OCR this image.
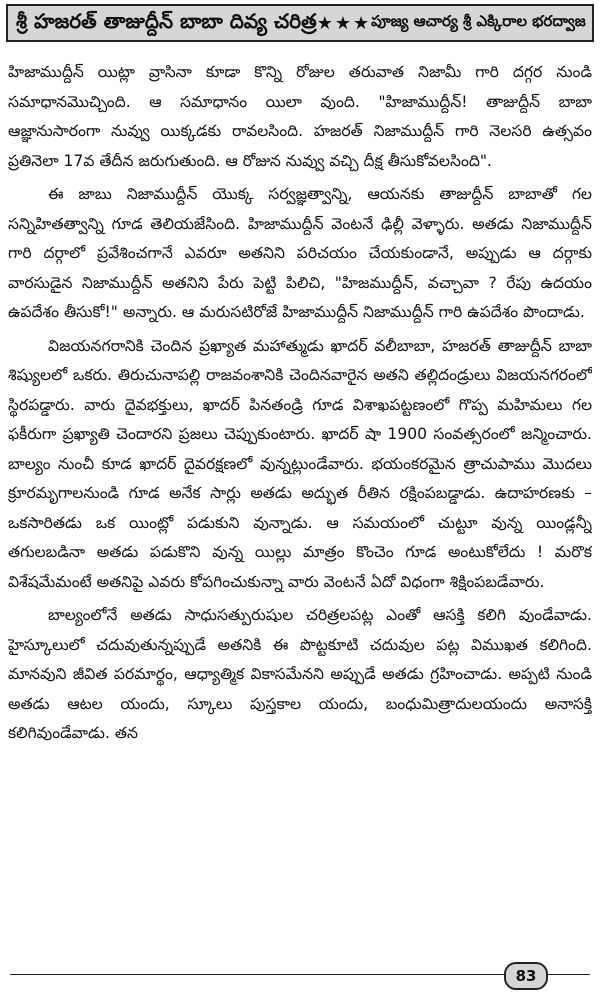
శ్రీ హజరత్ తాజుద్దీన్ బాబా దివ్య చరిత్ర ★★★ పూజ్య ఆచార్య శ్రీ ఎక్కిరాల భరద్వాజ

హిజాముద్దీన్ యిట్లా వ్రాసినా కూడా కొన్ని రోజుల తరువాత నిజామీ గారి దగ్గర నుండి సమాధానమొచ్చింది. ఆ సమాధానం యిలా వుంది. "హిజాముద్దీన్! తాజుద్దీన్ బాబా ఆజ్ఞానుసారంగా నువ్వు యిక్కడకు రావలసింది. హజరత్ నిజాముద్దీన్ గారి నెలసరి ఉత్సవం ప్రతినెలా 17వ తేదీన జరుగుతుంది. ఆ రోజున నువ్వు వచ్చి దీక్ష తీసుకోవలసింది".

ఈ జాబు నిజాముద్దీన్ యొక్క సర్వజ్ఞత్వాన్ని, ఆయనకు తాజుద్దీన్ బాబాతో గల సన్నిహితత్వాన్ని గూడ తెలియజేసింది. హిజాముద్దీన్ వెంటనే ఢిల్లీ వెళ్ళారు. అతడు నిజాముద్దీన్ గారి దర్గాలో ప్రవేశించగానే ఎవరూ అతనిని పరిచయం చేయకుండానే, అప్పుడు ఆ దర్గాకు వారసుడైన నిజాముద్దీన్ అతనిని పేరు పెట్టి పిలిచి, "హిజముద్దీన్, వచ్చావా ? రేపు ఉదయం ఉపదేశం తీసుకో!" అన్నారు. ఆ మరుసటిరోజే హిజాముద్దీన్ నిజాముద్దీన్ గారి ఉపదేశం పొందాడు.

విజయనగరానికి చెందిన ప్రఖ్యాత మహాత్ముడు ఖాదర్ వలీబాబా, హజరత్ తాజుద్దీన్ బాబా శిష్యులలో ఒకరు. తిరుచునాపల్లి రాజవంశానికి చెందినవారైన అతని తల్లిదండ్రులు విజయనగరంలో స్థిరపడ్డారు. వారు దైవభక్తులు, ఖాదర్ పినతండ్రి గూడ విశాఖపట్టణంలో గొప్ప మహిమలు గల ఫకీరుగా ప్రఖ్యాతి చెందారని ప్రజలు చెప్పుకుంటారు. ఖాదర్ షా 1900 సంవత్సరంలో జన్మించారు. బాల్యం నుంచీ కూడ ఖాదర్ దైవరక్షణలో వున్నట్లుండేవారు. భయంకరమైన త్రాచుపాము మొదలు క్రూరమృగాలనుండి గూడ అనేక సార్లు అతడు అద్భుత రీతిన రక్షింపబడ్డాడు. ఉదాహరణకు – ఒకసారితడు ఒక యింట్లో పడుకుని వున్నాడు. ఆ సమయంలో చుట్టూ వున్న యిండ్లన్నీ తగులబడినా అతడు పడుకొని వున్న యిల్లు మాత్రం కొంచెం గూడ అంటుకోలేదు ! మరొక విశేషమేమంటే అతనిపై ఎవరు కోపగించుకున్నా వారు వెంటనే ఏదో విధంగా శిక్షింపబడేవారు.

బాల్యంలోనే అతడు సాధుసత్పురుషుల చరిత్రలపట్ల ఎంతో ఆసక్తి కలిగి వుండేవాడు. హైస్కూలులో చదువుతున్నప్పుడే అతనికి ఈ పొట్టకూటి చదువుల పట్ల విముఖత కలిగింది. మానవుని జీవిత పరమార్థం, ఆధ్యాత్మిక వికాసమేనని అప్పుడే అతడు గ్రహించాడు. అప్పటి నుండి అతడు ఆటల యందు, స్కూలు పుస్తకాల యందు, బంధుమిత్రాదులయందు అనాసక్తి కలిగివుండేవాడు. తన

83
